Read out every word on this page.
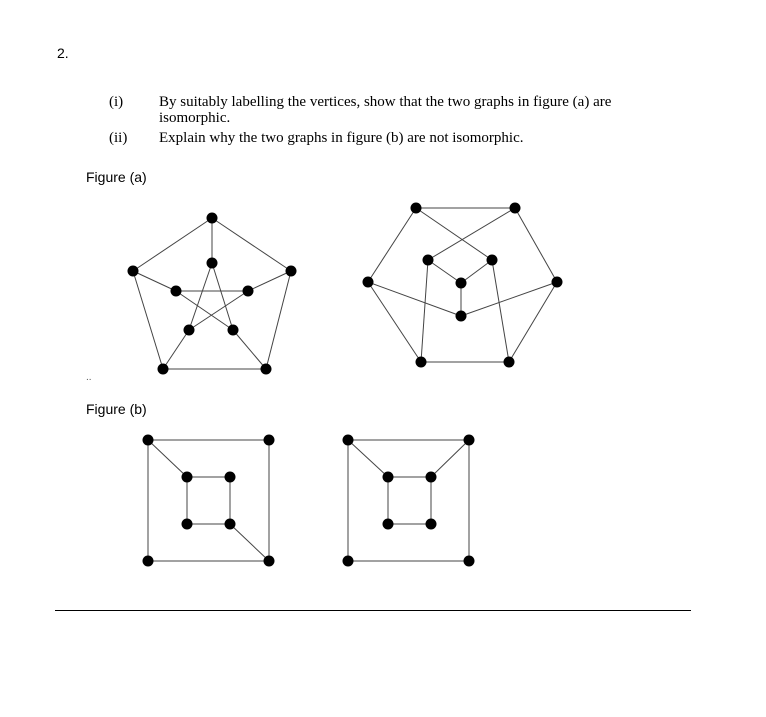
2.
(i) By suitably labelling the vertices, show that the two graphs in figure (a) are isomorphic.
(ii) Explain why the two graphs in figure (b) are not isomorphic.
Figure (a)
..
Figure (b)
